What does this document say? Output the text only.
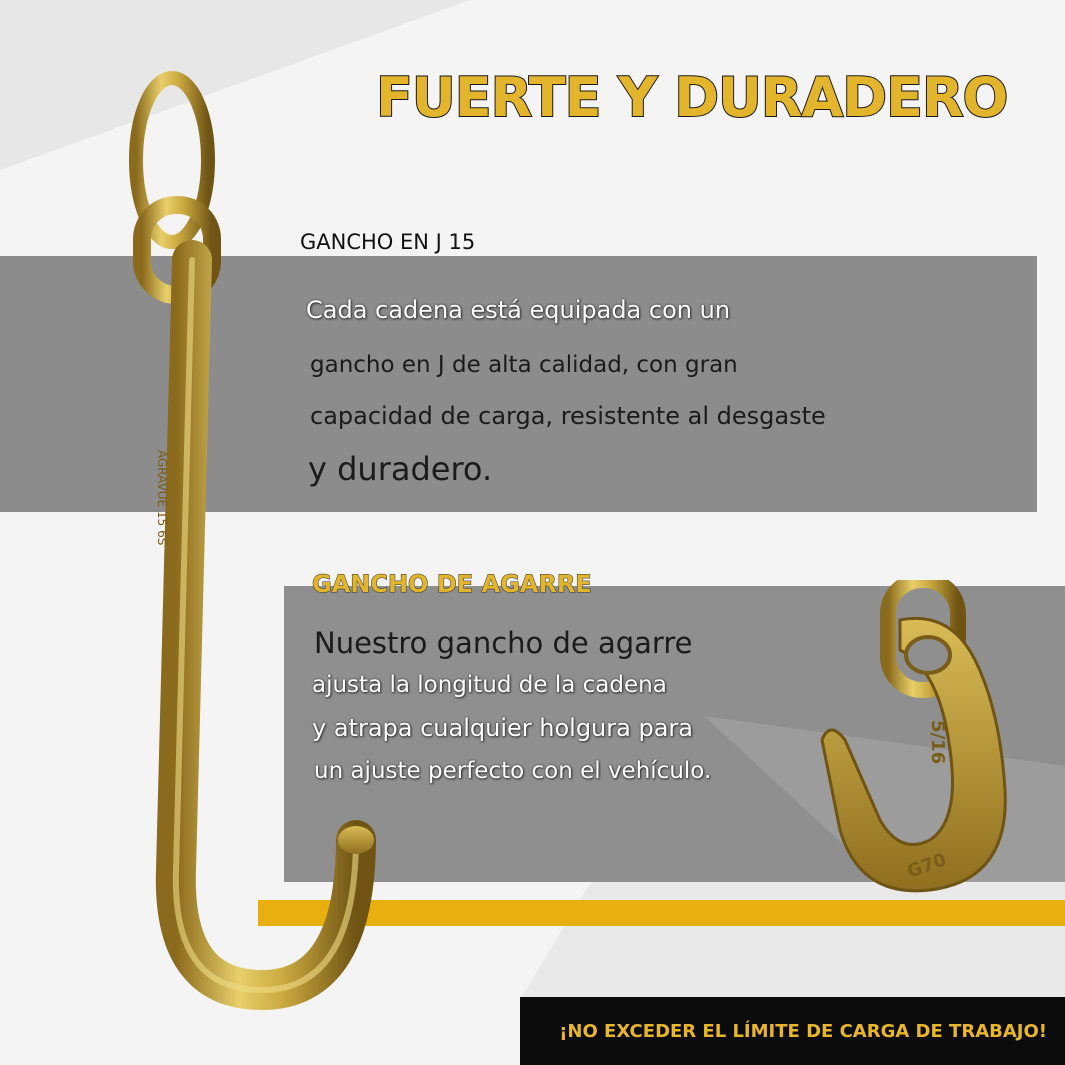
AGRAVUE 15 6S
5/16
G70
FUERTE Y DURADERO
GANCHO EN J 15
Cada cadena está equipada con un
gancho en J de alta calidad, con gran
capacidad de carga, resistente al desgaste
y duradero.
GANCHO DE AGARRE
Nuestro gancho de agarre
ajusta la longitud de la cadena
y atrapa cualquier holgura para
un ajuste perfecto con el vehículo.
¡NO EXCEDER EL LÍMITE DE CARGA DE TRABAJO!
